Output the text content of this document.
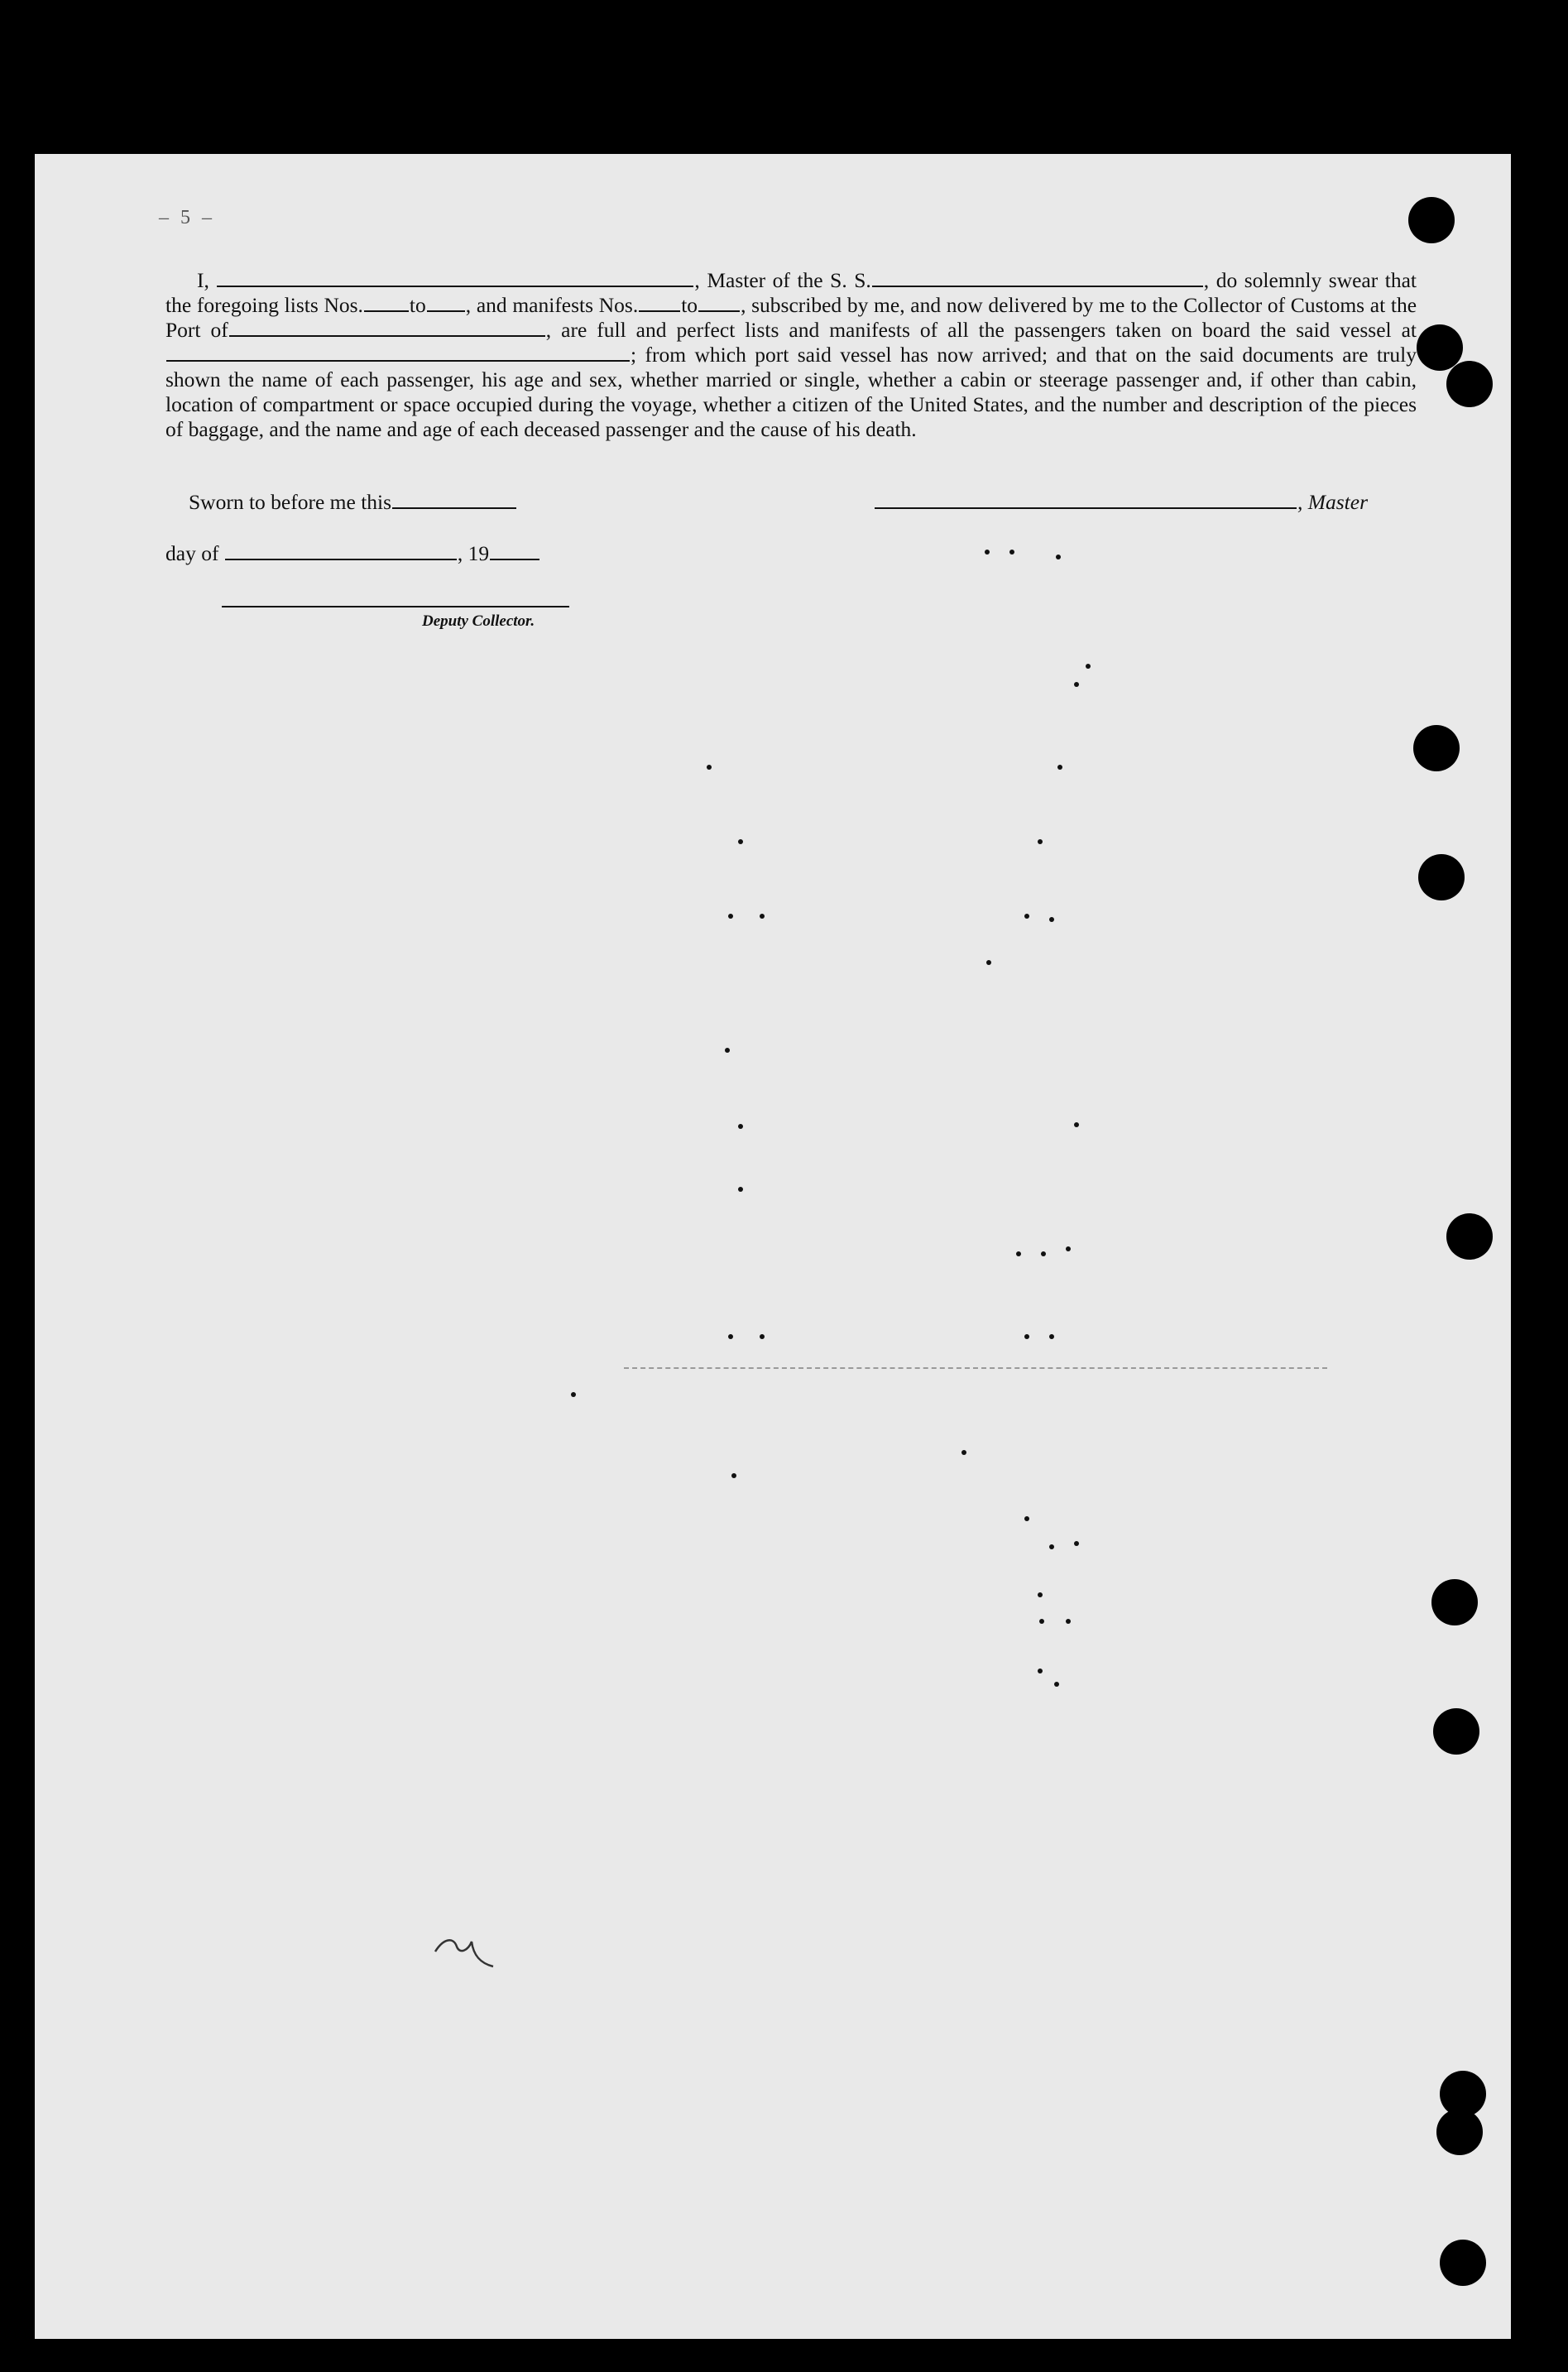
– 5 –

I,	, Master of the S. S.	, do solemnly swear that the foregoing lists Nos. to , and manifests Nos. to , subscribed by me, and now delivered by me to the Collector of Customs at the Port of	, are full and perfect lists and manifests of all the passengers taken on board the said vessel at; from which port said vessel has now arrived; and that on the said documents are truly shown the name of each passenger, his age and sex, whether married or single, whether a cabin or steerage passenger and, if other than cabin, location of compartment or space occupied during the voyage, whether a citizen of the United States, and the number and description of the pieces of baggage, and the name and age of each deceased passenger and the cause of his death.

Sworn to before me this	, Master
day of	, 19
Deputy Collector.
